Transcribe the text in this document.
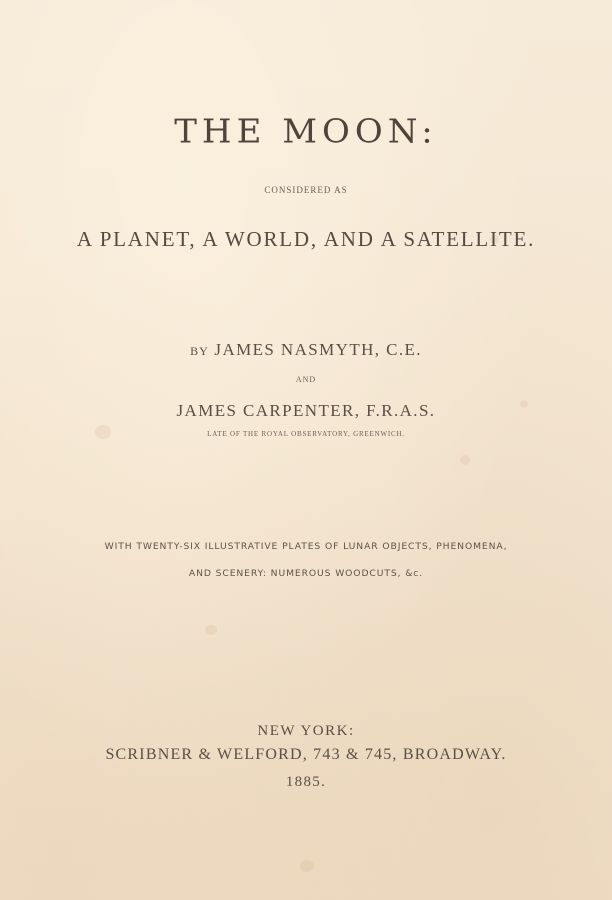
THE MOON:

CONSIDERED AS

A PLANET, A WORLD, AND A SATELLITE.

BY JAMES NASMYTH, C.E.

AND

JAMES CARPENTER, F.R.A.S.

LATE OF THE ROYAL OBSERVATORY, GREENWICH.

WITH TWENTY-SIX ILLUSTRATIVE PLATES OF LUNAR OBJECTS, PHENOMENA,

AND SCENERY: NUMEROUS WOODCUTS, &c.

NEW YORK:

SCRIBNER & WELFORD, 743 & 745, BROADWAY.

1885.
